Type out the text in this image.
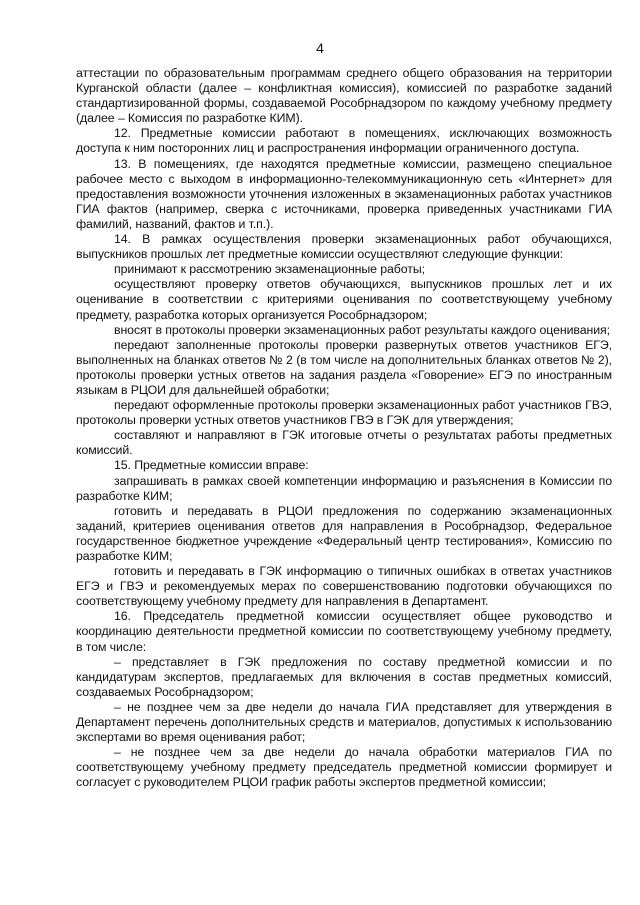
4

аттестации по образовательным программам среднего общего образования на территории Курганской области (далее – конфликтная комиссия), комиссией по разработке заданий стандартизированной формы, создаваемой Рособрнадзором по каждому учебному предмету (далее – Комиссия по разработке КИМ).

12. Предметные комиссии работают в помещениях, исключающих возможность доступа к ним посторонних лиц и распространения информации ограниченного доступа.

13. В помещениях, где находятся предметные комиссии, размещено специальное рабочее место с выходом в информационно-телекоммуникационную сеть «Интернет» для предоставления возможности уточнения изложенных в экзаменационных работах участников ГИА фактов (например, сверка с источниками, проверка приведенных участниками ГИА фамилий, названий, фактов и т.п.).

14. В рамках осуществления проверки экзаменационных работ обучающихся, выпускников прошлых лет предметные комиссии осуществляют следующие функции:

принимают к рассмотрению экзаменационные работы;

осуществляют проверку ответов обучающихся, выпускников прошлых лет и их оценивание в соответствии с критериями оценивания по соответствующему учебному предмету, разработка которых организуется Рособрнадзором;

вносят в протоколы проверки экзаменационных работ результаты каждого оценивания;

передают заполненные протоколы проверки развернутых ответов участников ЕГЭ, выполненных на бланках ответов № 2 (в том числе на дополнительных бланках ответов № 2), протоколы проверки устных ответов на задания раздела «Говорение» ЕГЭ по иностранным языкам в РЦОИ для дальнейшей обработки;

передают оформленные протоколы проверки экзаменационных работ участников ГВЭ, протоколы проверки устных ответов участников ГВЭ в ГЭК для утверждения;

составляют и направляют в ГЭК итоговые отчеты о результатах работы предметных комиссий.

15. Предметные комиссии вправе:

запрашивать в рамках своей компетенции информацию и разъяснения в Комиссии по разработке КИМ;

готовить и передавать в РЦОИ предложения по содержанию экзаменационных заданий, критериев оценивания ответов для направления в Рособрнадзор, Федеральное государственное бюджетное учреждение «Федеральный центр тестирования», Комиссию по разработке КИМ;

готовить и передавать в ГЭК информацию о типичных ошибках в ответах участников ЕГЭ и ГВЭ и рекомендуемых мерах по совершенствованию подготовки обучающихся по соответствующему учебному предмету для направления в Департамент.

16. Председатель предметной комиссии осуществляет общее руководство и координацию деятельности предметной комиссии по соответствующему учебному предмету, в том числе:

– представляет в ГЭК предложения по составу предметной комиссии и по кандидатурам экспертов, предлагаемых для включения в состав предметных комиссий, создаваемых Рособрнадзором;

– не позднее чем за две недели до начала ГИА представляет для утверждения в Департамент перечень дополнительных средств и материалов, допустимых к использованию экспертами во время оценивания работ;

– не позднее чем за две недели до начала обработки материалов ГИА по соответствующему учебному предмету председатель предметной комиссии формирует и согласует с руководителем РЦОИ график работы экспертов предметной комиссии;
